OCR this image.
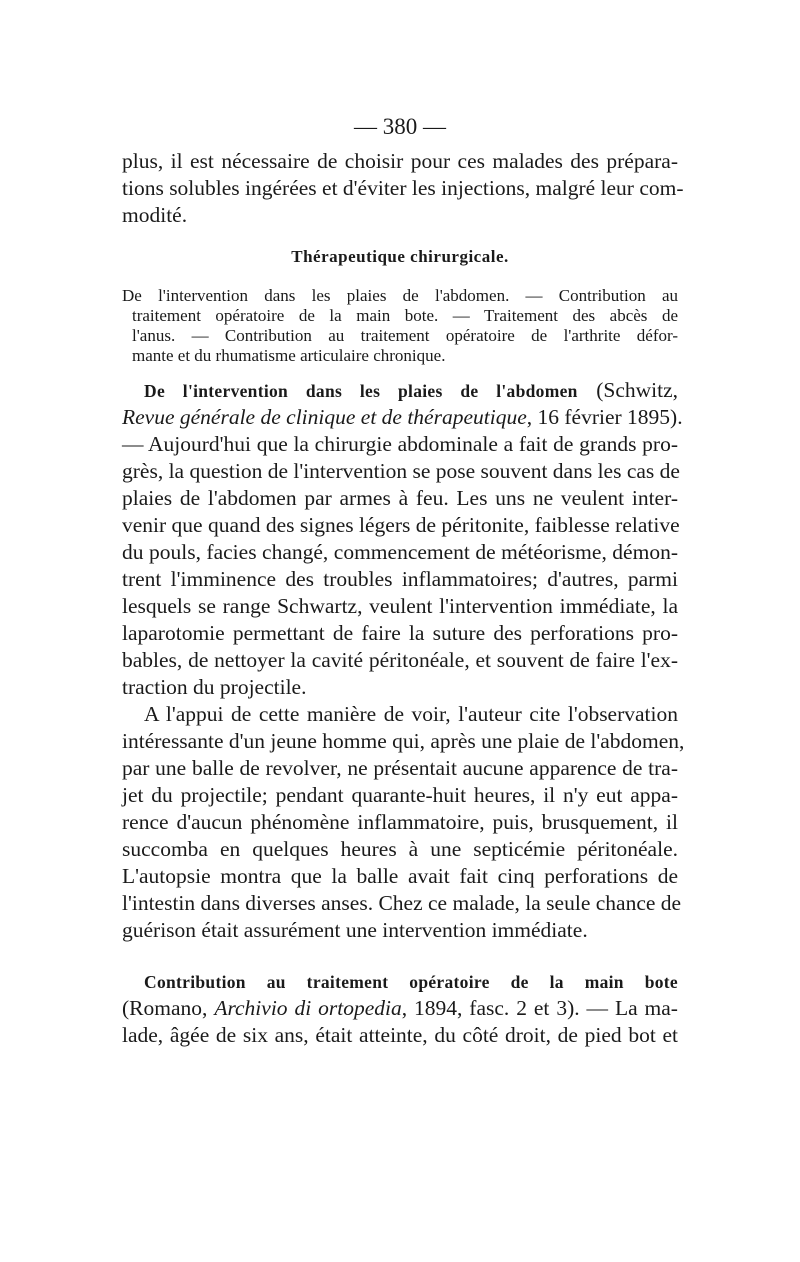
— 380 —
plus, il est nécessaire de choisir pour ces malades des prépara-
tions solubles ingérées et d'éviter les injections, malgré leur com-
modité.
Thérapeutique chirurgicale.
De l'intervention dans les plaies de l'abdomen. — Contribution au
traitement opératoire de la main bote. — Traitement des abcès de
l'anus. — Contribution au traitement opératoire de l'arthrite défor-
mante et du rhumatisme articulaire chronique.
De l'intervention dans les plaies de l'abdomen (Schwitz,
Revue générale de clinique et de thérapeutique, 16 février 1895).
— Aujourd'hui que la chirurgie abdominale a fait de grands pro-
grès, la question de l'intervention se pose souvent dans les cas de
plaies de l'abdomen par armes à feu. Les uns ne veulent inter-
venir que quand des signes légers de péritonite, faiblesse relative
du pouls, facies changé, commencement de météorisme, démon-
trent l'imminence des troubles inflammatoires; d'autres, parmi
lesquels se range Schwartz, veulent l'intervention immédiate, la
laparotomie permettant de faire la suture des perforations pro-
bables, de nettoyer la cavité péritonéale, et souvent de faire l'ex-
traction du projectile.
A l'appui de cette manière de voir, l'auteur cite l'observation
intéressante d'un jeune homme qui, après une plaie de l'abdomen,
par une balle de revolver, ne présentait aucune apparence de tra-
jet du projectile; pendant quarante-huit heures, il n'y eut appa-
rence d'aucun phénomène inflammatoire, puis, brusquement, il
succomba en quelques heures à une septicémie péritonéale.
L'autopsie montra que la balle avait fait cinq perforations de
l'intestin dans diverses anses. Chez ce malade, la seule chance de
guérison était assurément une intervention immédiate.
Contribution au traitement opératoire de la main bote
(Romano, Archivio di ortopedia, 1894, fasc. 2 et 3). — La ma-
lade, âgée de six ans, était atteinte, du côté droit, de pied bot et
